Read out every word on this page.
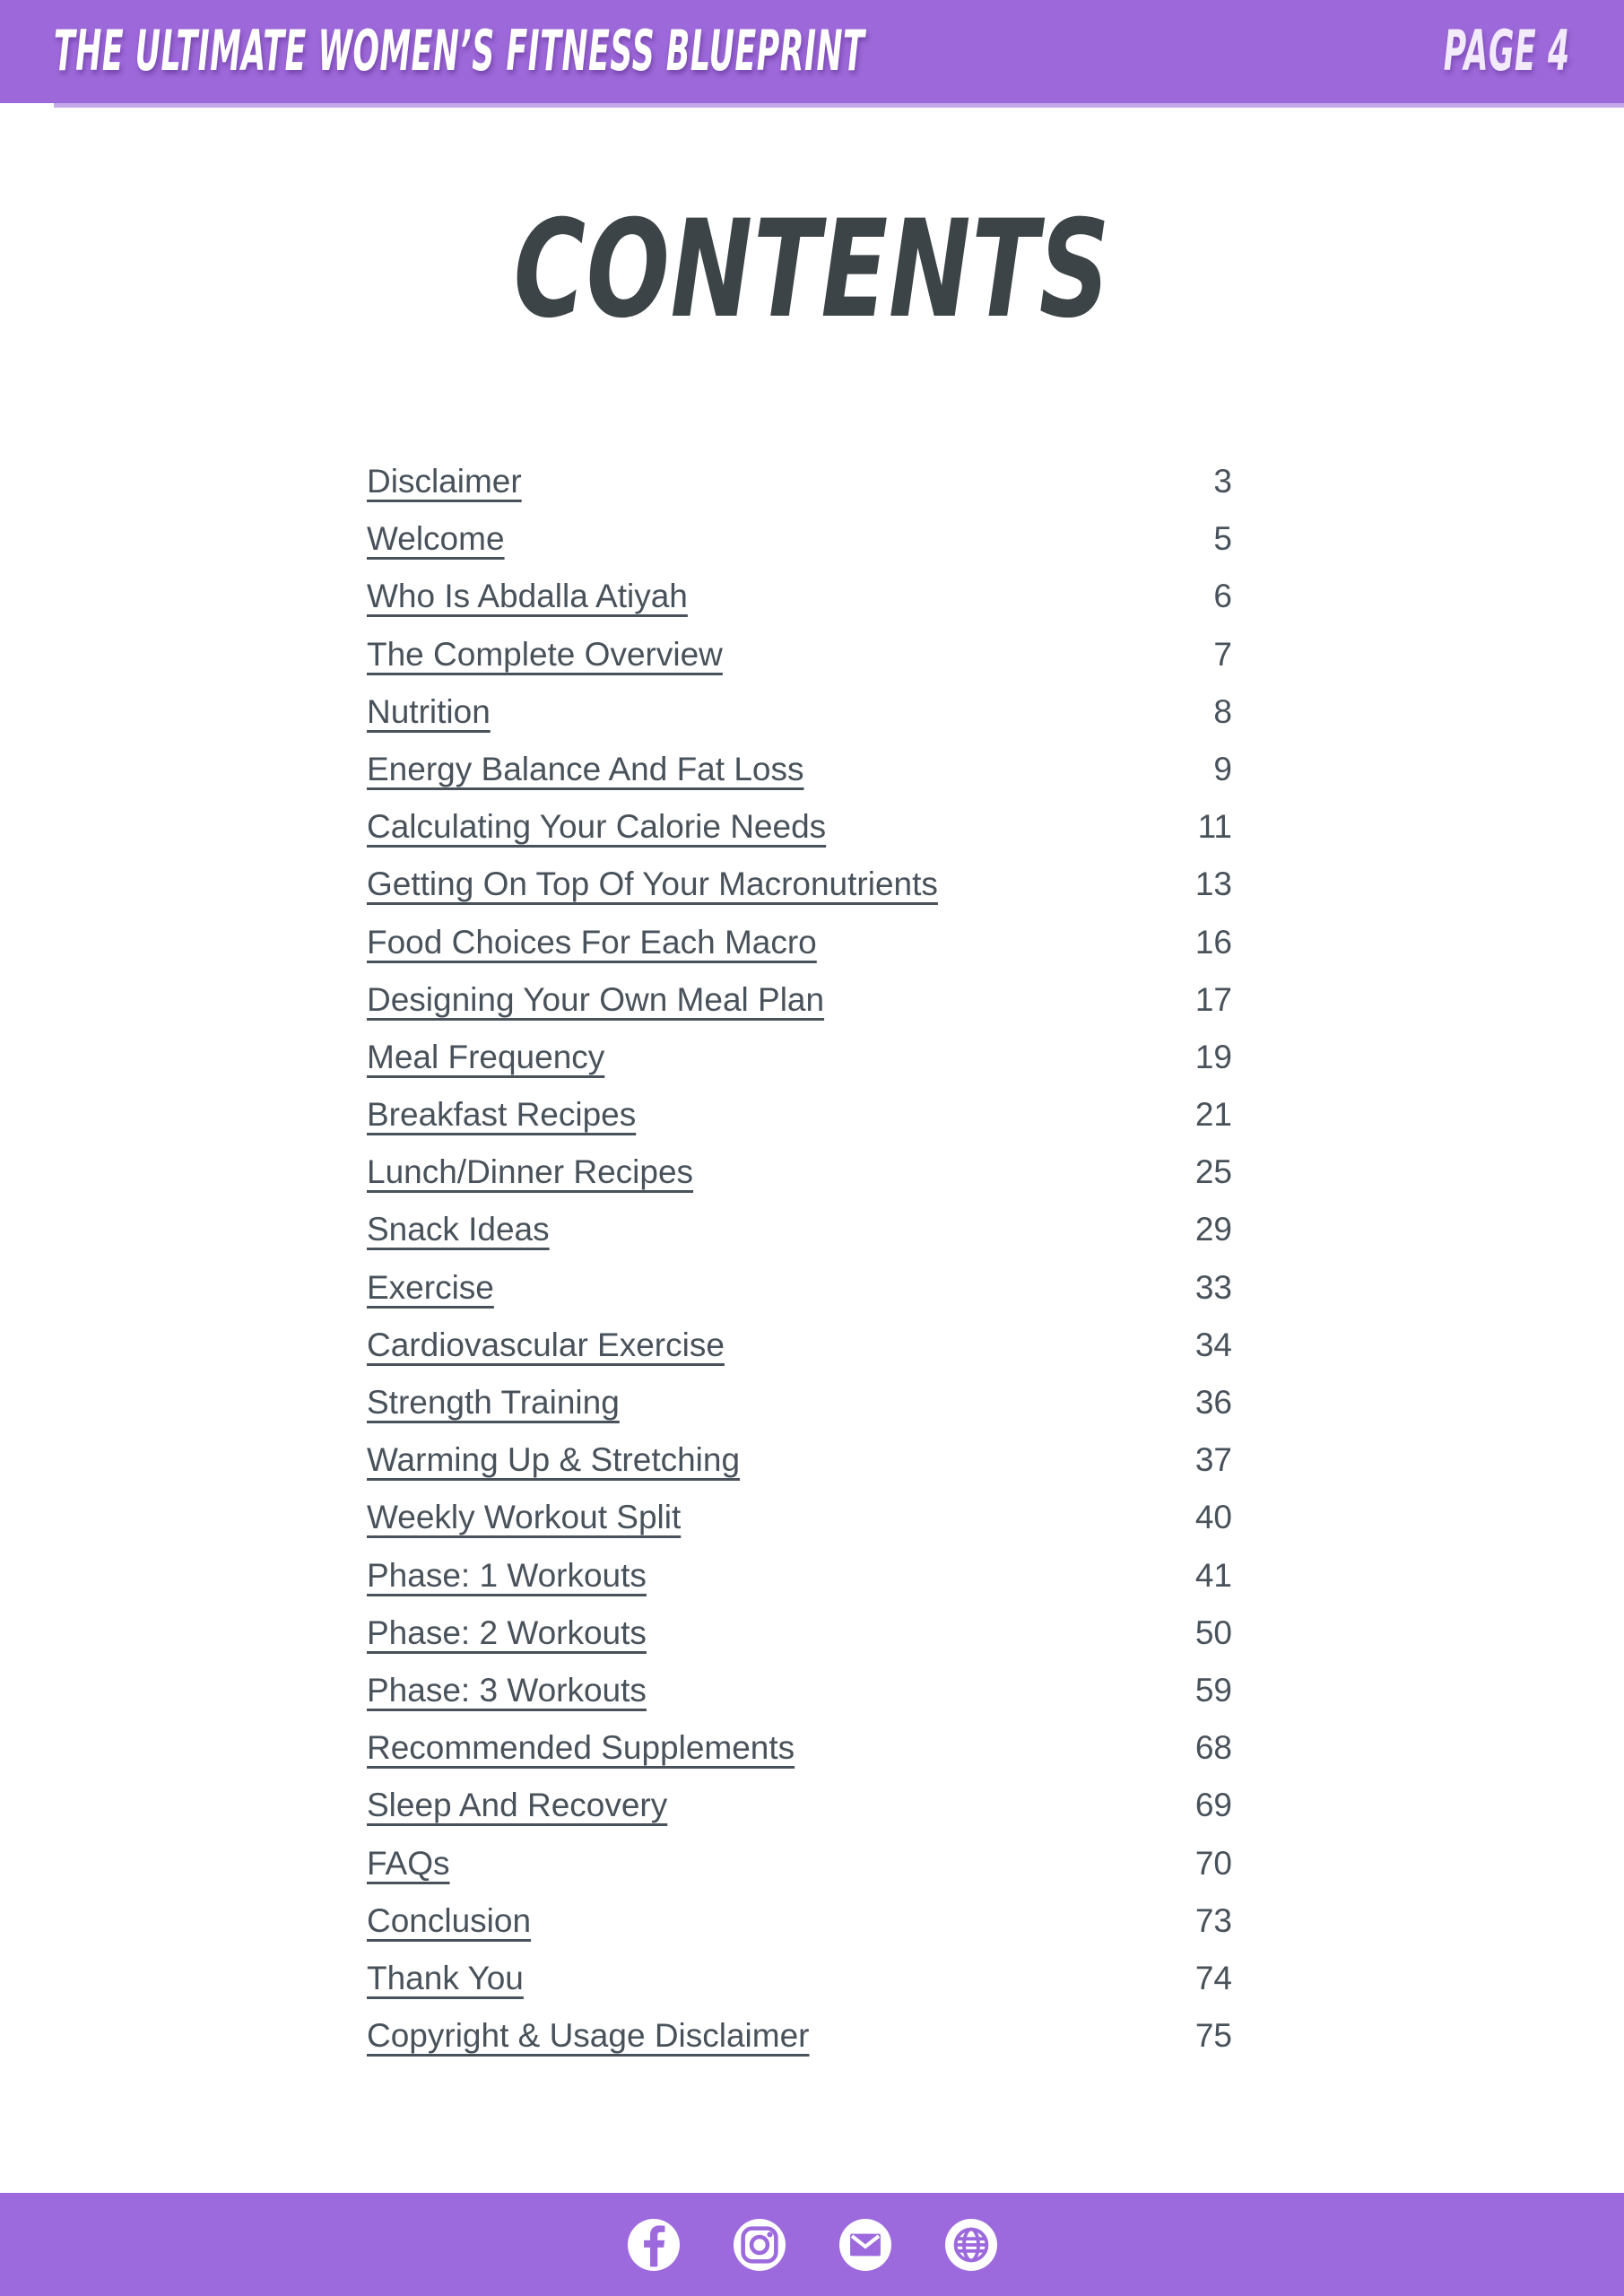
THE ULTIMATE WOMEN’S FITNESS BLUEPRINT	PAGE 4
CONTENTS
Disclaimer	3
Welcome	5
Who Is Abdalla Atiyah	6
The Complete Overview	7
Nutrition	8
Energy Balance And Fat Loss	9
Calculating Your Calorie Needs	11
Getting On Top Of Your Macronutrients	13
Food Choices For Each Macro	16
Designing Your Own Meal Plan	17
Meal Frequency	19
Breakfast Recipes	21
Lunch/Dinner Recipes	25
Snack Ideas	29
Exercise	33
Cardiovascular Exercise	34
Strength Training	36
Warming Up & Stretching	37
Weekly Workout Split	40
Phase: 1 Workouts	41
Phase: 2 Workouts	50
Phase: 3 Workouts	59
Recommended Supplements	68
Sleep And Recovery	69
FAQs	70
Conclusion	73
Thank You	74
Copyright & Usage Disclaimer	75
